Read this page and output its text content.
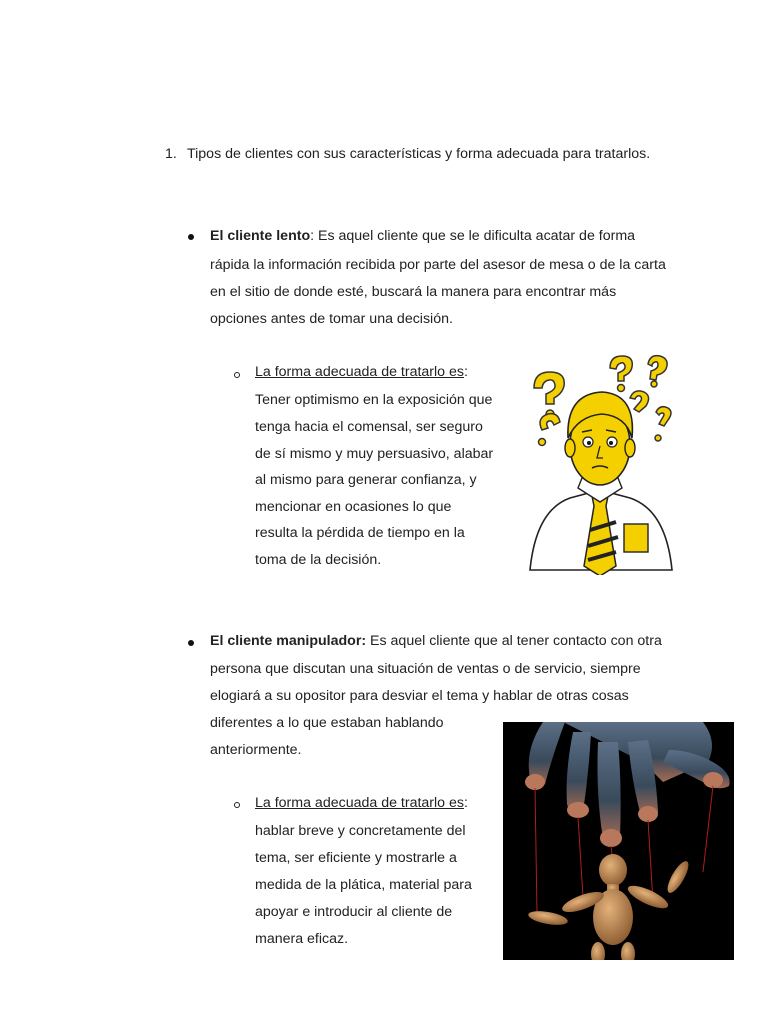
1. Tipos de clientes con sus características y forma adecuada para tratarlos.
El cliente lento: Es aquel cliente que se le dificulta acatar de forma
rápida la información recibida por parte del asesor de mesa o de la carta
en el sitio de donde esté, buscará la manera para encontrar más
opciones antes de tomar una decisión.
La forma adecuada de tratarlo es:
Tener optimismo en la exposición que
tenga hacia el comensal, ser seguro
de sí mismo y muy persuasivo, alabar
al mismo para generar confianza, y
mencionar en ocasiones lo que
resulta la pérdida de tiempo en la
toma de la decisión.
El cliente manipulador: Es aquel cliente que al tener contacto con otra
persona que discutan una situación de ventas o de servicio, siempre
elogiará a su opositor para desviar el tema y hablar de otras cosas
diferentes a lo que estaban hablando
anteriormente.
La forma adecuada de tratarlo es:
hablar breve y concretamente del
tema, ser eficiente y mostrarle a
medida de la plática, material para
apoyar e introducir al cliente de
manera eficaz.
